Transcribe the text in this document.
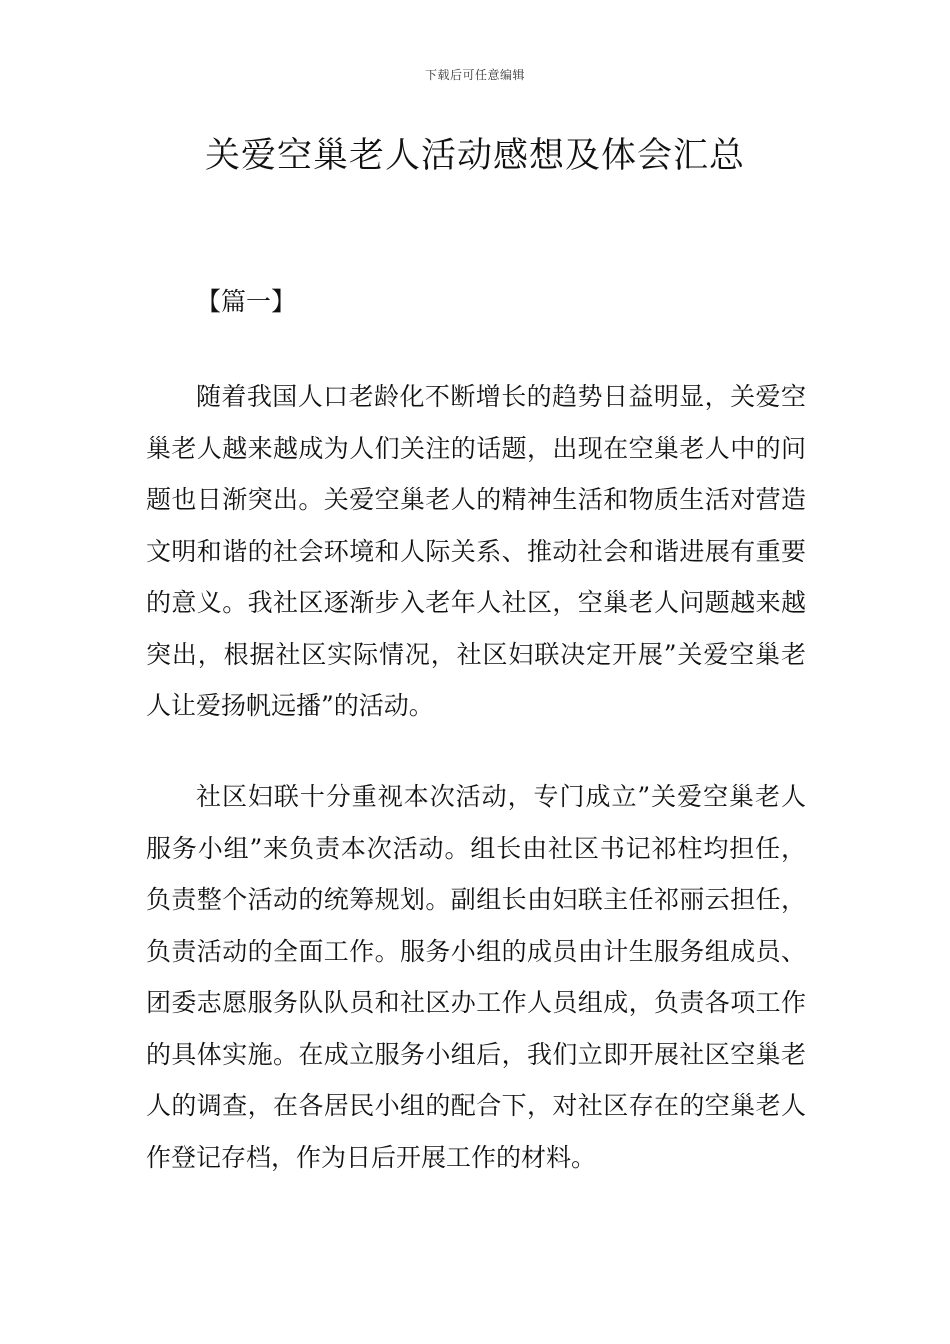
下载后可任意编辑
关爱空巢老人活动感想及体会汇总
【篇一】

随着我国人口老龄化不断增长的趋势日益明显，关爱空巢老人越来越成为人们关注的话题，出现在空巢老人中的问题也日渐突出。关爱空巢老人的精神生活和物质生活对营造文明和谐的社会环境和人际关系、推动社会和谐进展有重要的意义。我社区逐渐步入老年人社区，空巢老人问题越来越突出，根据社区实际情况，社区妇联决定开展”关爱空巢老人让爱扬帆远播”的活动。

社区妇联十分重视本次活动，专门成立”关爱空巢老人服务小组”来负责本次活动。组长由社区书记祁柱均担任，负责整个活动的统筹规划。副组长由妇联主任祁丽云担任，负责活动的全面工作。服务小组的成员由计生服务组成员、团委志愿服务队队员和社区办工作人员组成，负责各项工作的具体实施。在成立服务小组后，我们立即开展社区空巢老人的调查，在各居民小组的配合下，对社区存在的空巢老人作登记存档，作为日后开展工作的材料。
